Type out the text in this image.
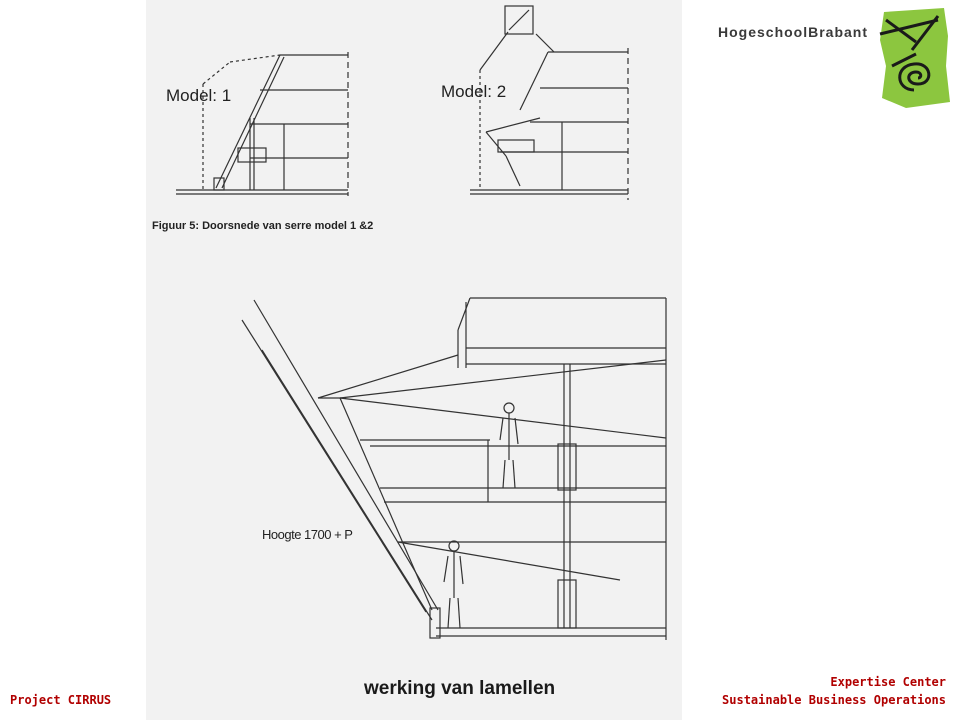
Model: 1	Model: 2
Figuur 5: Doorsnede van serre model 1 &2
Hoogte 1700 + P
werking van lamellen
HogeschoolBrabant
Project CIRRUS
Expertise Center
Sustainable Business Operations
